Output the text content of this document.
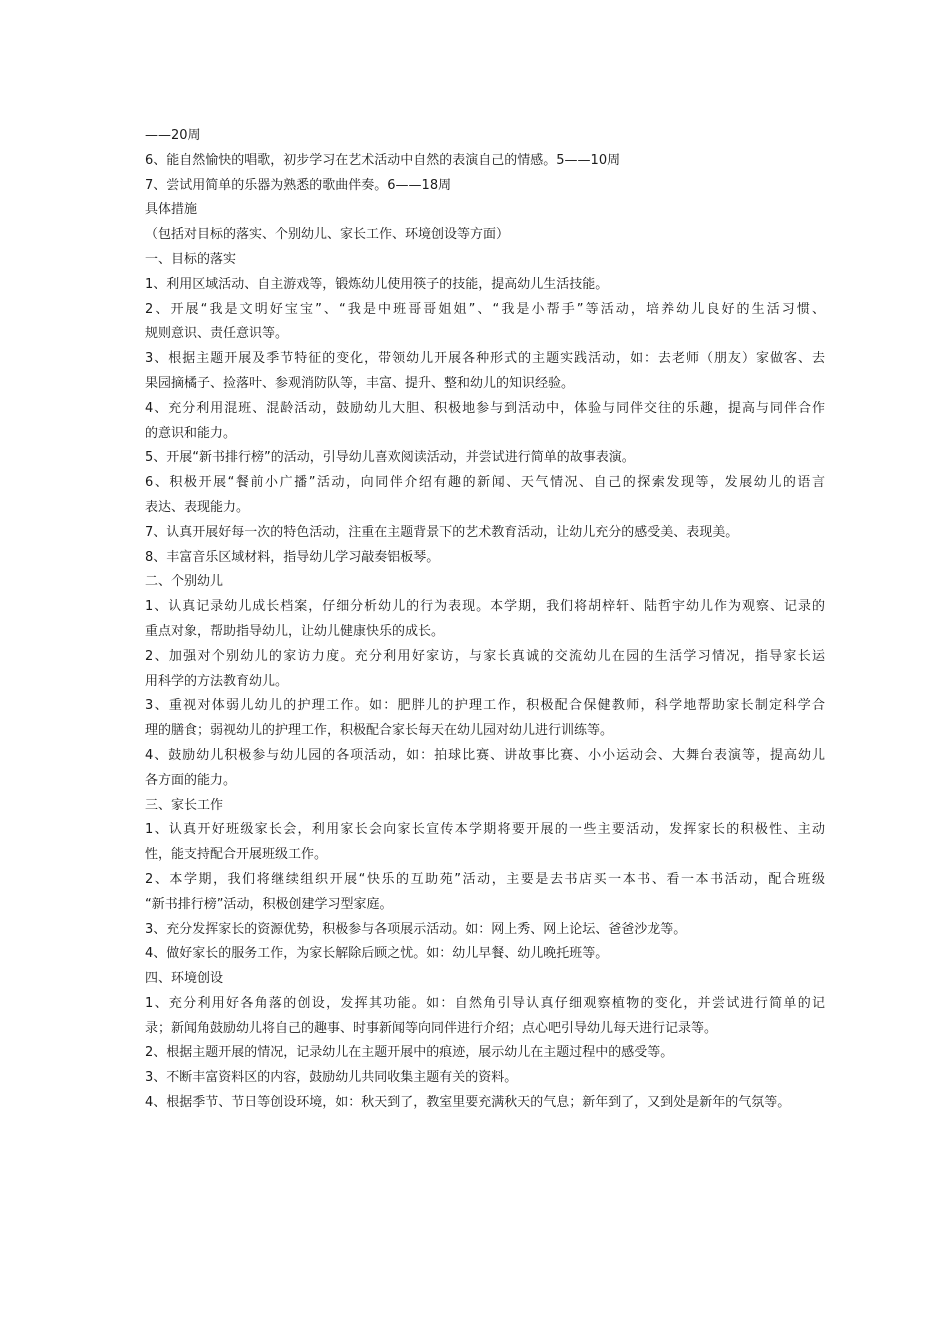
——20周
6、能自然愉快的唱歌，初步学习在艺术活动中自然的表演自己的情感。5——10周
7、尝试用简单的乐器为熟悉的歌曲伴奏。6——18周
具体措施
（包括对目标的落实、个别幼儿、家长工作、环境创设等方面）
一、目标的落实
1、利用区域活动、自主游戏等，锻炼幼儿使用筷子的技能，提高幼儿生活技能。
2、开展“我是文明好宝宝”、“我是中班哥哥姐姐”、“我是小帮手”等活动，培养幼儿良好的生活习惯、
规则意识、责任意识等。
3、根据主题开展及季节特征的变化，带领幼儿开展各种形式的主题实践活动，如：去老师（朋友）家做客、去
果园摘橘子、捡落叶、参观消防队等，丰富、提升、整和幼儿的知识经验。
4、充分利用混班、混龄活动，鼓励幼儿大胆、积极地参与到活动中，体验与同伴交往的乐趣，提高与同伴合作
的意识和能力。
5、开展“新书排行榜”的活动，引导幼儿喜欢阅读活动，并尝试进行简单的故事表演。
6、积极开展“餐前小广播”活动，向同伴介绍有趣的新闻、天气情况、自己的探索发现等，发展幼儿的语言
表达、表现能力。
7、认真开展好每一次的特色活动，注重在主题背景下的艺术教育活动，让幼儿充分的感受美、表现美。
8、丰富音乐区域材料，指导幼儿学习敲奏铝板琴。
二、个别幼儿
1、认真记录幼儿成长档案，仔细分析幼儿的行为表现。本学期，我们将胡梓轩、陆哲宇幼儿作为观察、记录的
重点对象，帮助指导幼儿，让幼儿健康快乐的成长。
2、加强对个别幼儿的家访力度。充分利用好家访，与家长真诚的交流幼儿在园的生活学习情况，指导家长运
用科学的方法教育幼儿。
3、重视对体弱儿幼儿的护理工作。如：肥胖儿的护理工作，积极配合保健教师，科学地帮助家长制定科学合
理的膳食；弱视幼儿的护理工作，积极配合家长每天在幼儿园对幼儿进行训练等。
4、鼓励幼儿积极参与幼儿园的各项活动，如：拍球比赛、讲故事比赛、小小运动会、大舞台表演等，提高幼儿
各方面的能力。
三、家长工作
1、认真开好班级家长会，利用家长会向家长宣传本学期将要开展的一些主要活动，发挥家长的积极性、主动
性，能支持配合开展班级工作。
2、本学期，我们将继续组织开展“快乐的互助苑”活动，主要是去书店买一本书、看一本书活动，配合班级
“新书排行榜”活动，积极创建学习型家庭。
3、充分发挥家长的资源优势，积极参与各项展示活动。如：网上秀、网上论坛、爸爸沙龙等。
4、做好家长的服务工作，为家长解除后顾之忧。如：幼儿早餐、幼儿晚托班等。
四、环境创设
1、充分利用好各角落的创设，发挥其功能。如：自然角引导认真仔细观察植物的变化，并尝试进行简单的记
录；新闻角鼓励幼儿将自己的趣事、时事新闻等向同伴进行介绍；点心吧引导幼儿每天进行记录等。
2、根据主题开展的情况，记录幼儿在主题开展中的痕迹，展示幼儿在主题过程中的感受等。
3、不断丰富资料区的内容，鼓励幼儿共同收集主题有关的资料。
4、根据季节、节日等创设环境，如：秋天到了，教室里要充满秋天的气息；新年到了，又到处是新年的气氛等。
